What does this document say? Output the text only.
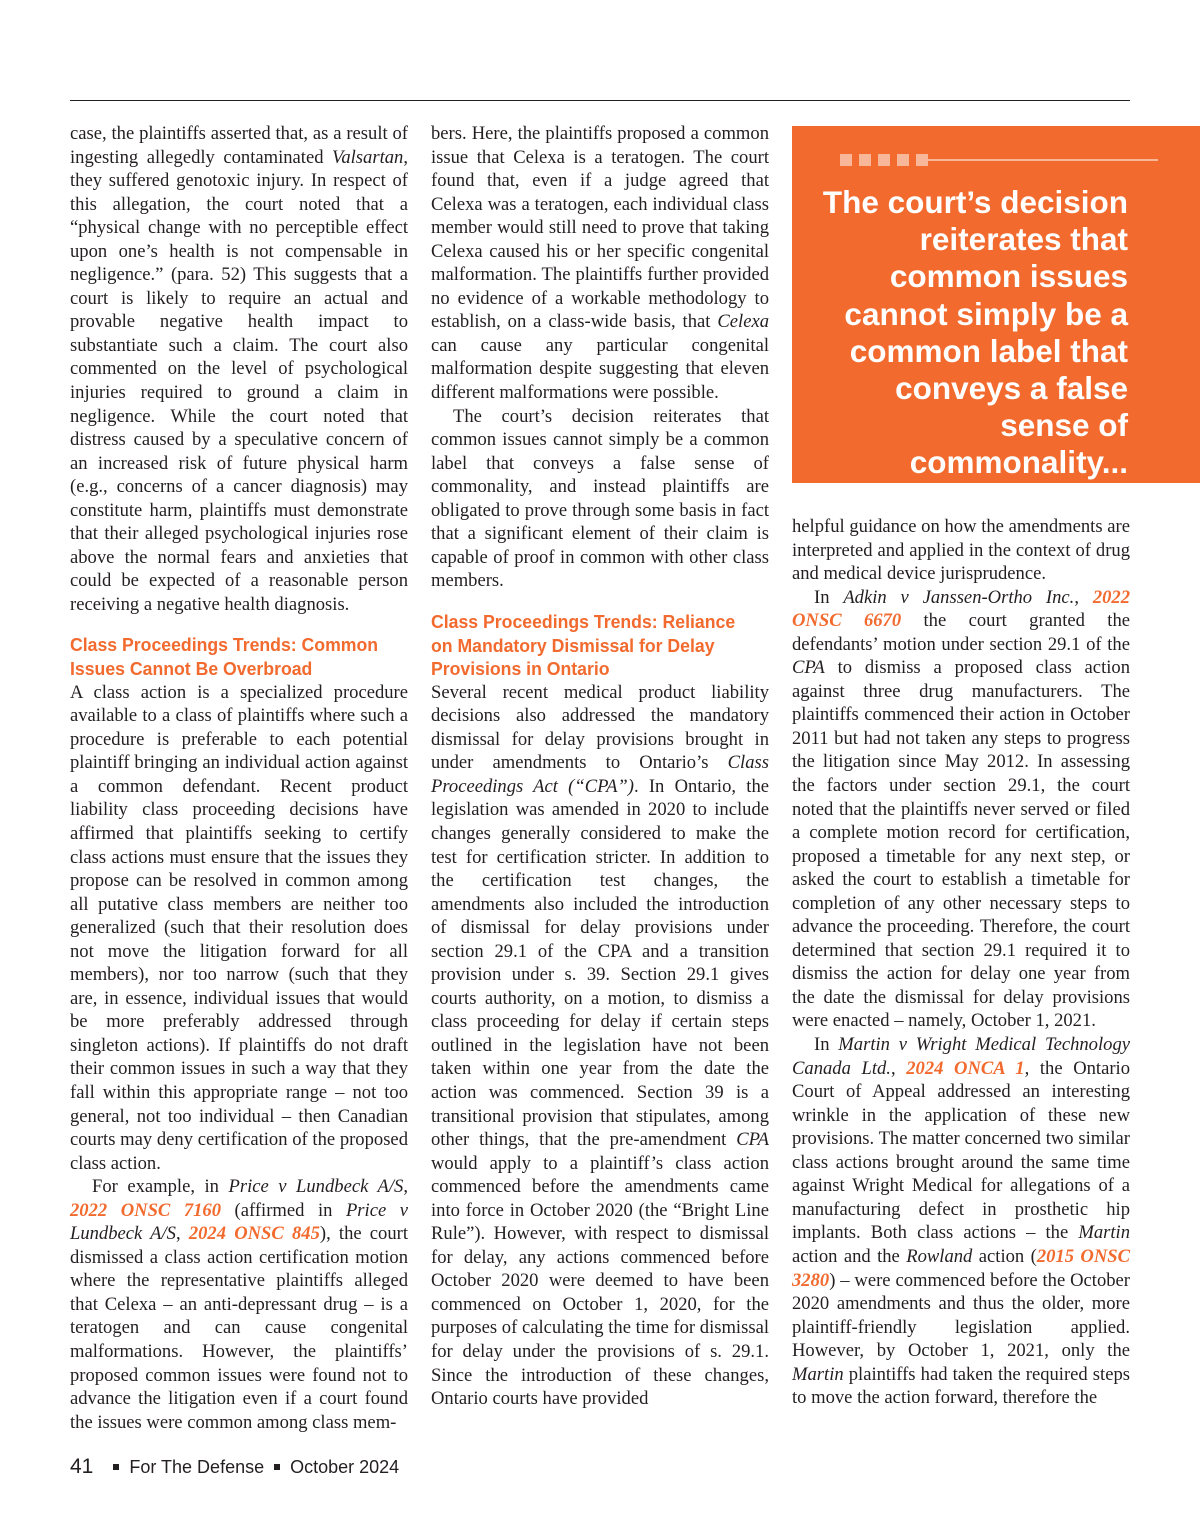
case, the plaintiffs asserted that, as a result of ingesting allegedly contaminated Valsartan, they suffered genotoxic injury. In respect of this allegation, the court noted that a “physical change with no perceptible effect upon one’s health is not compensable in negligence.” (para. 52) This suggests that a court is likely to require an actual and provable negative health impact to substantiate such a claim. The court also commented on the level of psychological injuries required to ground a claim in negligence. While the court noted that distress caused by a speculative concern of an increased risk of future physical harm (e.g., concerns of a cancer diagnosis) may constitute harm, plaintiffs must demonstrate that their alleged psychological injuries rose above the normal fears and anxieties that could be expected of a reasonable person receiving a negative health diagnosis.

Class Proceedings Trends: Common Issues Cannot Be Overbroad

A class action is a specialized procedure available to a class of plaintiffs where such a procedure is preferable to each potential plaintiff bringing an individual action against a common defendant. Recent product liability class proceeding decisions have affirmed that plaintiffs seeking to certify class actions must ensure that the issues they propose can be resolved in common among all putative class members are neither too generalized (such that their resolution does not move the litigation forward for all members), nor too narrow (such that they are, in essence, individual issues that would be more preferably addressed through singleton actions). If plaintiffs do not draft their common issues in such a way that they fall within this appropriate range – not too general, not too individual – then Canadian courts may deny certification of the proposed class action.

For example, in Price v Lundbeck A/S, 2022 ONSC 7160 (affirmed in Price v Lundbeck A/S, 2024 ONSC 845), the court dismissed a class action certification motion where the representative plaintiffs alleged that Celexa – an anti-depressant drug – is a teratogen and can cause congenital malformations. However, the plaintiffs’ proposed common issues were found not to advance the litigation even if a court found the issues were common among class mem-

bers. Here, the plaintiffs proposed a common issue that Celexa is a teratogen. The court found that, even if a judge agreed that Celexa was a teratogen, each individual class member would still need to prove that taking Celexa caused his or her specific congenital malformation. The plaintiffs further provided no evidence of a workable methodology to establish, on a class-wide basis, that Celexa can cause any particular congenital malformation despite suggesting that eleven different malformations were possible.

The court’s decision reiterates that common issues cannot simply be a common label that conveys a false sense of commonality, and instead plaintiffs are obligated to prove through some basis in fact that a significant element of their claim is capable of proof in common with other class members.

Class Proceedings Trends: Reliance on Mandatory Dismissal for Delay Provisions in Ontario

Several recent medical product liability decisions also addressed the mandatory dismissal for delay provisions brought in under amendments to Ontario’s Class Proceedings Act (“CPA”). In Ontario, the legislation was amended in 2020 to include changes generally considered to make the test for certification stricter. In addition to the certification test changes, the amendments also included the introduction of dismissal for delay provisions under section 29.1 of the CPA and a transition provision under s. 39. Section 29.1 gives courts authority, on a motion, to dismiss a class proceeding for delay if certain steps outlined in the legislation have not been taken within one year from the date the action was commenced. Section 39 is a transitional provision that stipulates, among other things, that the pre-amendment CPA would apply to a plaintiff’s class action commenced before the amendments came into force in October 2020 (the “Bright Line Rule”). However, with respect to dismissal for delay, any actions commenced before October 2020 were deemed to have been commenced on October 1, 2020, for the purposes of calculating the time for dismissal for delay under the provisions of s. 29.1. Since the introduction of these changes, Ontario courts have provided

The court’s decision reiterates that common issues cannot simply be a common label that conveys a false sense of commonality...

helpful guidance on how the amendments are interpreted and applied in the context of drug and medical device jurisprudence.

In Adkin v Janssen-Ortho Inc., 2022 ONSC 6670 the court granted the defendants’ motion under section 29.1 of the CPA to dismiss a proposed class action against three drug manufacturers. The plaintiffs commenced their action in October 2011 but had not taken any steps to progress the litigation since May 2012. In assessing the factors under section 29.1, the court noted that the plaintiffs never served or filed a complete motion record for certification, proposed a timetable for any next step, or asked the court to establish a timetable for completion of any other necessary steps to advance the proceeding. Therefore, the court determined that section 29.1 required it to dismiss the action for delay one year from the date the dismissal for delay provisions were enacted – namely, October 1, 2021.

In Martin v Wright Medical Technology Canada Ltd., 2024 ONCA 1, the Ontario Court of Appeal addressed an interesting wrinkle in the application of these new provisions. The matter concerned two similar class actions brought around the same time against Wright Medical for allegations of a manufacturing defect in prosthetic hip implants. Both class actions – the Martin action and the Rowland action (2015 ONSC 3280) – were commenced before the October 2020 amendments and thus the older, more plaintiff-friendly legislation applied. However, by October 1, 2021, only the Martin plaintiffs had taken the required steps to move the action forward, therefore the

41 For The Defense October 2024
